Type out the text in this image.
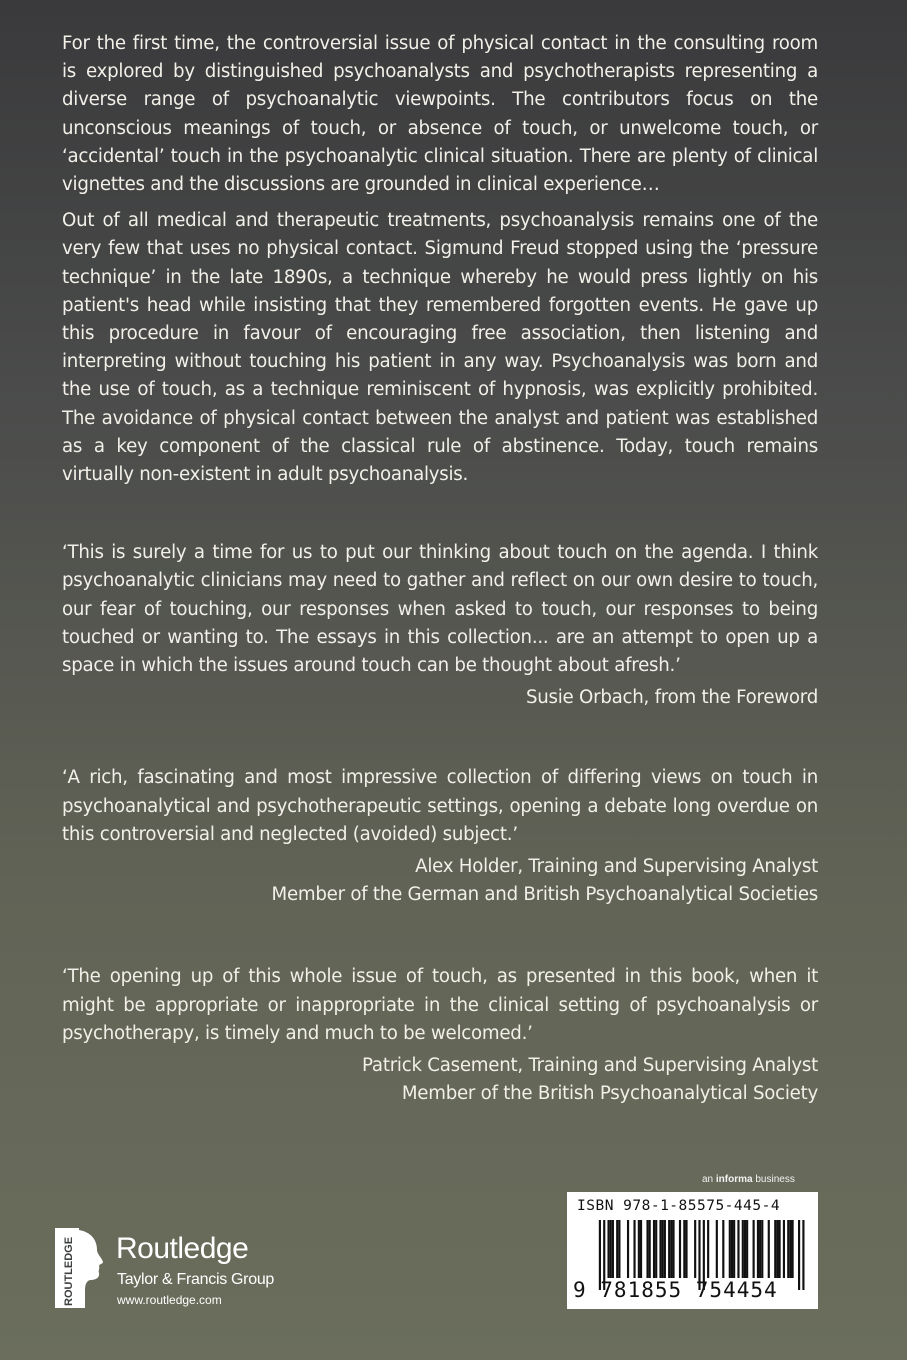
For the first time, the controversial issue of physical contact in the consulting room is explored by distinguished psychoanalysts and psychotherapists representing a diverse range of psychoanalytic viewpoints. The contributors focus on the unconscious meanings of touch, or absence of touch, or unwelcome touch, or ‘accidental’ touch in the psychoanalytic clinical situation. There are plenty of clinical vignettes and the discussions are grounded in clinical experience…

Out of all medical and therapeutic treatments, psychoanalysis remains one of the very few that uses no physical contact. Sigmund Freud stopped using the ‘pressure technique’ in the late 1890s, a technique whereby he would press lightly on his patient's head while insisting that they remembered forgotten events. He gave up this procedure in favour of encouraging free association, then listening and interpreting without touching his patient in any way. Psychoanalysis was born and the use of touch, as a technique reminiscent of hypnosis, was explicitly prohibited. The avoidance of physical contact between the analyst and patient was established as a key component of the classical rule of abstinence. Today, touch remains virtually non-existent in adult psychoanalysis.

‘This is surely a time for us to put our thinking about touch on the agenda. I think psychoanalytic clinicians may need to gather and reflect on our own desire to touch, our fear of touching, our responses when asked to touch, our responses to being touched or wanting to. The essays in this collection... are an attempt to open up a space in which the issues around touch can be thought about afresh.’

Susie Orbach, from the Foreword

‘A rich, fascinating and most impressive collection of differing views on touch in psychoanalytical and psychotherapeutic settings, opening a debate long overdue on this controversial and neglected (avoided) subject.’

Alex Holder, Training and Supervising Analyst

Member of the German and British Psychoanalytical Societies

‘The opening up of this whole issue of touch, as presented in this book, when it might be appropriate or inappropriate in the clinical setting of psychoanalysis or psychotherapy, is timely and much to be welcomed.’

Patrick Casement, Training and Supervising Analyst

Member of the British Psychoanalytical Society

an informa business
ISBN 978-1-85575-445-4
9 781855 754454
ROUTLEDGE Routledge
Taylor & Francis Group
www.routledge.com
